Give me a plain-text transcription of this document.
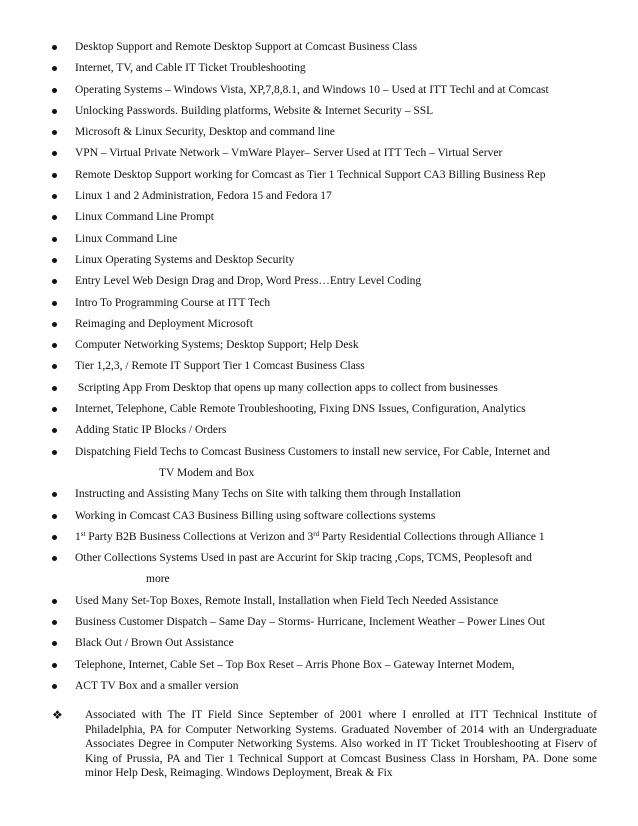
Desktop Support and Remote Desktop Support at Comcast Business Class
Internet, TV, and Cable IT Ticket Troubleshooting
Operating Systems – Windows Vista, XP,7,8,8.1, and Windows 10 – Used at ITT Techl and at Comcast
Unlocking Passwords. Building platforms, Website & Internet Security – SSL
Microsoft & Linux Security, Desktop and command line
VPN – Virtual Private Network – VmWare Player– Server Used at ITT Tech – Virtual Server
Remote Desktop Support working for Comcast as Tier 1 Technical Support CA3 Billing Business Rep
Linux 1 and 2 Administration, Fedora 15 and Fedora 17
Linux Command Line Prompt
Linux Command Line
Linux Operating Systems and Desktop Security
Entry Level Web Design Drag and Drop, Word Press…Entry Level Coding
Intro To Programming Course at ITT Tech
Reimaging and Deployment Microsoft
Computer Networking Systems; Desktop Support; Help Desk
Tier 1,2,3, / Remote IT Support Tier 1 Comcast Business Class
Scripting App From Desktop that opens up many collection apps to collect from businesses
Internet, Telephone, Cable Remote Troubleshooting, Fixing DNS Issues, Configuration, Analytics
Adding Static IP Blocks / Orders
Dispatching Field Techs to Comcast Business Customers to install new service, For Cable, Internet and
TV Modem and Box
Instructing and Assisting Many Techs on Site with talking them through Installation
Working in Comcast CA3 Business Billing using software collections systems
1st Party B2B Business Collections at Verizon and 3rd Party Residential Collections through Alliance 1
Other Collections Systems Used in past are Accurint for Skip tracing ,Cops, TCMS, Peoplesoft and
more
Used Many Set-Top Boxes, Remote Install, Installation when Field Tech Needed Assistance
Business Customer Dispatch – Same Day – Storms- Hurricane, Inclement Weather – Power Lines Out
Black Out / Brown Out Assistance
Telephone, Internet, Cable Set – Top Box Reset – Arris Phone Box – Gateway Internet Modem,
ACT TV Box and a smaller version
❖ Associated with The IT Field Since September of 2001 where I enrolled at ITT Technical Institute of Philadelphia, PA for Computer Networking Systems. Graduated November of 2014 with an Undergraduate Associates Degree in Computer Networking Systems. Also worked in IT Ticket Troubleshooting at Fiserv of King of Prussia, PA and Tier 1 Technical Support at Comcast Business Class in Horsham, PA. Done some minor Help Desk, Reimaging. Windows Deployment, Break & Fix
